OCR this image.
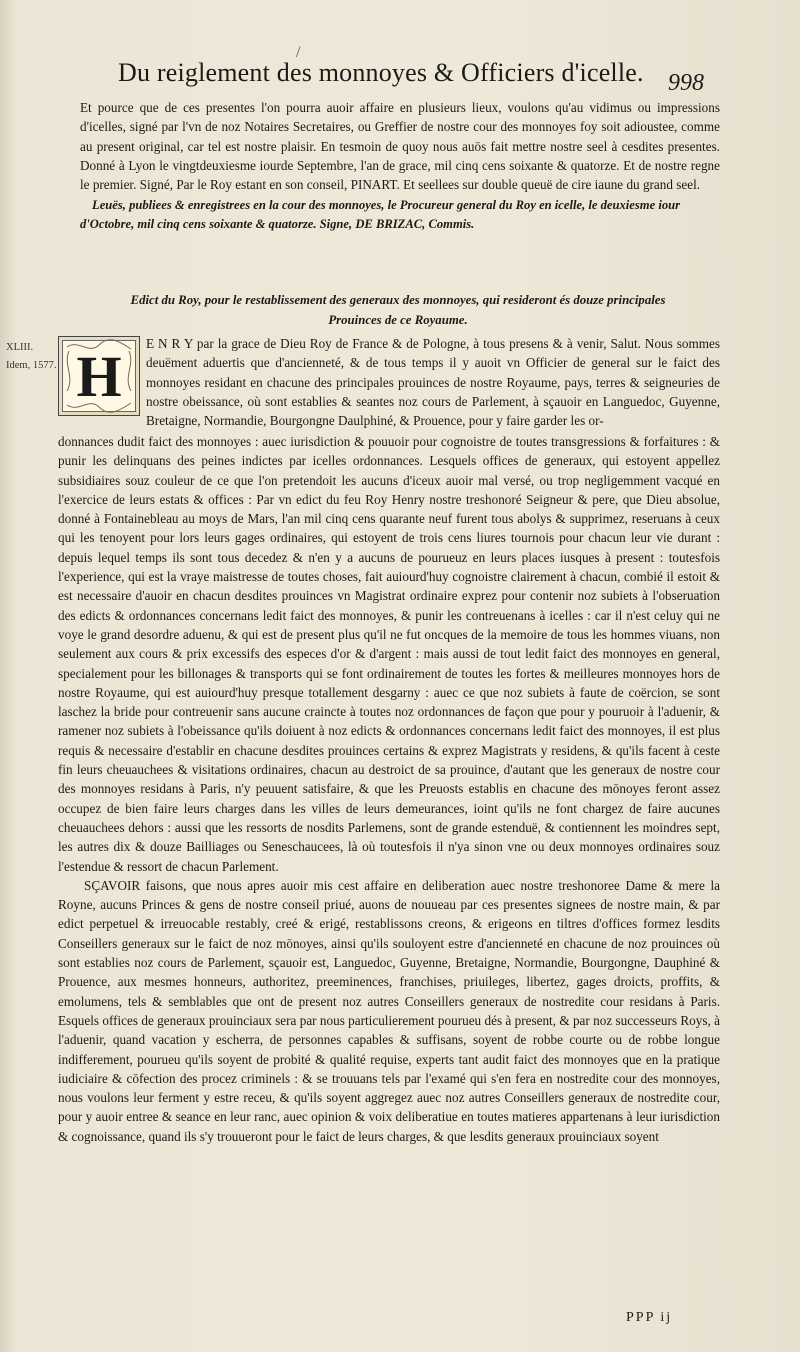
/
Du reiglement des monnoyes & Officiers d'icelle.	998

Et pource que de ces presentes l'on pourra auoir affaire en plusieurs lieux, voulons qu'au vidimus ou impressions d'icelles, signé par l'vn de noz Notaires Secretaires, ou Greffier de nostre cour des monnoyes foy soit adioustee, comme au present original, car tel est nostre plaisir. En tesmoin de quoy nous auōs fait mettre nostre seel à cesdites presentes. Donné à Lyon le vingtdeuxiesme iourde Septembre, l'an de grace, mil cinq cens soixante & quatorze. Et de nostre regne le premier. Signé, Par le Roy estant en son conseil, PINART. Et seellees sur double queuë de cire iaune du grand seel.

Leuës, publiees & enregistrees en la cour des monnoyes, le Procureur general du Roy en icelle, le deuxiesme iour d'Octobre, mil cinq cens soixante & quatorze. Signe, DE BRIZAC, Commis.

Edict du Roy, pour le restablissement des generaux des monnoyes, qui resideront és douze principales Prouinces de ce Royaume.
XLIII.
Idem, 1577. H E N R Y par la grace de Dieu Roy de France & de Pologne, à tous presens & à venir, Salut. Nous sommes deuëment aduertis que d'ancienneté, & de tous temps il y auoit vn Officier de general sur le faict des monnoyes residant en chacune des principales prouinces de nostre Royaume, pays, terres & seigneuries de nostre obeissance, où sont establies & seantes noz cours de Parlement, à sçauoir en Languedoc, Guyenne, Bretaigne, Normandie, Bourgongne Daulphiné, & Prouence, pour y faire garder les or-

donnances dudit faict des monnoyes : auec iurisdiction & pouuoir pour cognoistre de toutes transgressions & forfaitures : & punir les delinquans des peines indictes par icelles ordonnances. Lesquels offices de generaux, qui estoyent appellez subsidiaires souz couleur de ce que l'on pretendoit les aucuns d'iceux auoir mal versé, ou trop negligemment vacqué en l'exercice de leurs estats & offices : Par vn edict du feu Roy Henry nostre treshonoré Seigneur & pere, que Dieu absolue, donné à Fontainebleau au moys de Mars, l'an mil cinq cens quarante neuf furent tous abolys & supprimez, reseruans à ceux qui les tenoyent pour lors leurs gages ordinaires, qui estoyent de trois cens liures tournois pour chacun leur vie durant : depuis lequel temps ils sont tous decedez & n'en y a aucuns de pourueuz en leurs places iusques à present : toutesfois l'experience, qui est la vraye maistresse de toutes choses, fait auiourd'huy cognoistre clairement à chacun, combié il estoit & est necessaire d'auoir en chacun desdites prouinces vn Magistrat ordinaire exprez pour contenir noz subiets à l'obseruation des edicts & ordonnances concernans ledit faict des monnoyes, & punir les contreuenans à icelles : car il n'est celuy qui ne voye le grand desordre aduenu, & qui est de present plus qu'il ne fut oncques de la memoire de tous les hommes viuans, non seulement aux cours & prix excessifs des especes d'or & d'argent : mais aussi de tout ledit faict des monnoyes en general, specialement pour les billonages & transports qui se font ordinairement de toutes les fortes & meilleures monnoyes hors de nostre Royaume, qui est auiourd'huy presque totallement desgarny : auec ce que noz subiets à faute de coërcion, se sont laschez la bride pour contreuenir sans aucune craincte à toutes noz ordonnances de façon que pour y pouruoir à l'aduenir, & ramener noz subiets à l'obeissance qu'ils doiuent à noz edicts & ordonnances concernans ledit faict des monnoyes, il est plus requis & necessaire d'establir en chacune desdites prouinces certains & exprez Magistrats y residens, & qu'ils facent à ceste fin leurs cheuauchees & visitations ordinaires, chacun au destroict de sa prouince, d'autant que les generaux de nostre cour des monnoyes residans à Paris, n'y peuuent satisfaire, & que les Preuosts establis en chacune des mōnoyes feront assez occupez de bien faire leurs charges dans les villes de leurs demeurances, ioint qu'ils ne font chargez de faire aucunes cheuauchees dehors : aussi que les ressorts de nosdits Parlemens, sont de grande estenduë, & contiennent les moindres sept, les autres dix & douze Bailliages ou Seneschaucees, là où toutesfois il n'ya sinon vne ou deux monnoyes ordinaires souz l'estendue & ressort de chacun Parlement.

SÇAVOIR faisons, que nous apres auoir mis cest affaire en deliberation auec nostre treshonoree Dame & mere la Royne, aucuns Princes & gens de nostre conseil priué, auons de nouueau par ces presentes signees de nostre main, & par edict perpetuel & irreuocable restably, creé & erigé, restablissons creons, & erigeons en tiltres d'offices formez lesdits Conseillers generaux sur le faict de noz mōnoyes, ainsi qu'ils souloyent estre d'ancienneté en chacune de noz prouinces où sont establies noz cours de Parlement, sçauoir est, Languedoc, Guyenne, Bretaigne, Normandie, Bourgongne, Dauphiné & Prouence, aux mesmes honneurs, authoritez, preeminences, franchises, priuileges, libertez, gages droicts, proffits, & emolumens, tels & semblables que ont de present noz autres Conseillers generaux de nostredite cour residans à Paris. Esquels offices de generaux prouinciaux sera par nous particulierement pourueu dés à present, & par noz successeurs Roys, à l'aduenir, quand vacation y escherra, de personnes capables & suffisans, soyent de robbe courte ou de robbe longue indifferement, pourueu qu'ils soyent de probité & qualité requise, experts tant audit faict des monnoyes que en la pratique iudiciaire & cōfection des procez criminels : & se trouuans tels par l'examé qui s'en fera en nostredite cour des monnoyes, nous voulons leur ferment y estre receu, & qu'ils soyent aggregez auec noz autres Conseillers generaux de nostredite cour, pour y auoir entree & seance en leur ranc, auec opinion & voix deliberatiue en toutes matieres appartenans à leur iurisdiction & cognoissance, quand ils s'y trouueront pour le faict de leurs charges, & que lesdits generaux prouinciaux soyent

PPP ij
